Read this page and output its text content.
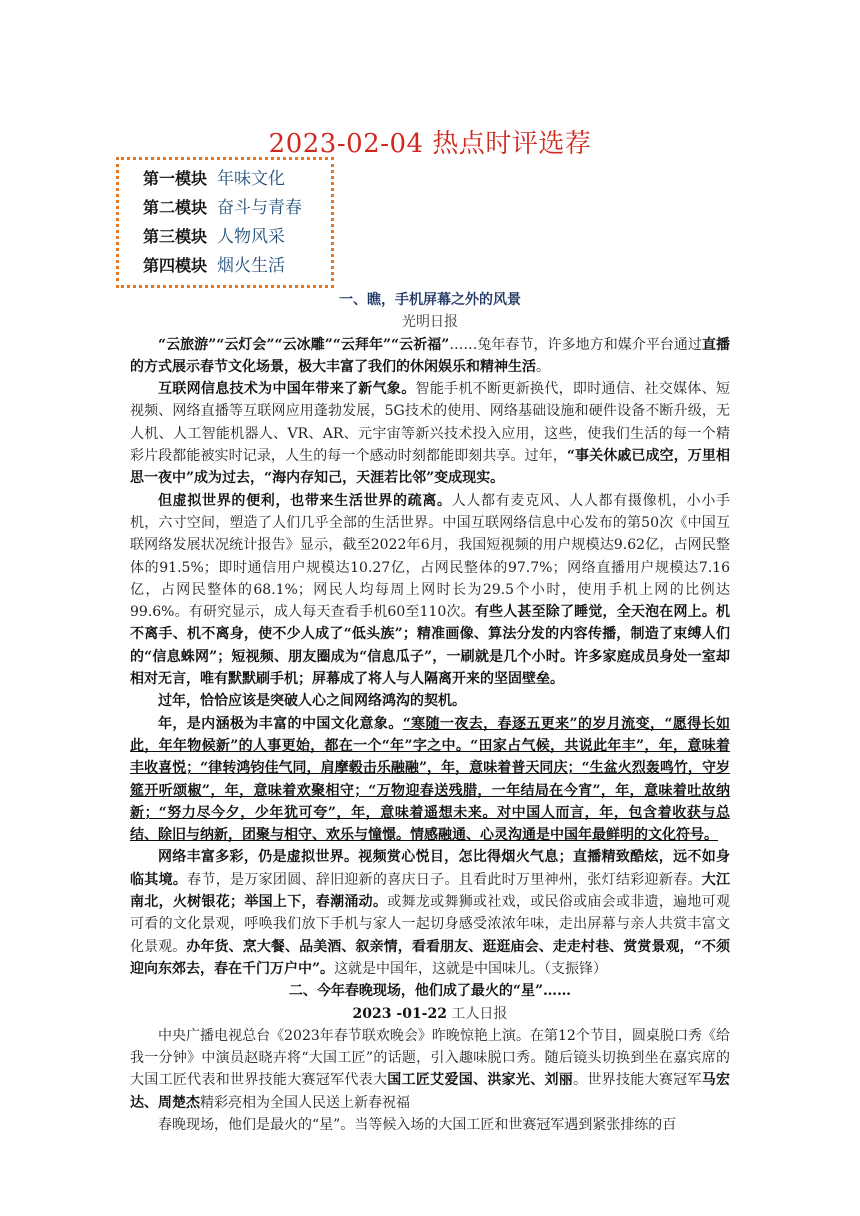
2023-02-04 热点时评选荐
第一模块 年味文化
第二模块 奋斗与青春
第三模块 人物风采
第四模块 烟火生活
一、瞧，手机屏幕之外的风景
光明日报

“云旅游”“云灯会”“云冰雕”“云拜年”“云祈福”……兔年春节，许多地方和媒介平台通过直播的方式展示春节文化场景，极大丰富了我们的休闲娱乐和精神生活。

互联网信息技术为中国年带来了新气象。智能手机不断更新换代，即时通信、社交媒体、短视频、网络直播等互联网应用蓬勃发展，5G技术的使用、网络基础设施和硬件设备不断升级，无人机、人工智能机器人、VR、AR、元宇宙等新兴技术投入应用，这些，使我们生活的每一个精彩片段都能被实时记录，人生的每一个感动时刻都能即刻共享。过年，“事关休戚已成空，万里相思一夜中”成为过去，“海内存知己，天涯若比邻”变成现实。

但虚拟世界的便利，也带来生活世界的疏离。人人都有麦克风、人人都有摄像机，小小手机，六寸空间，塑造了人们几乎全部的生活世界。中国互联网络信息中心发布的第50次《中国互联网络发展状况统计报告》显示，截至2022年6月，我国短视频的用户规模达9.62亿，占网民整体的91.5%；即时通信用户规模达10.27亿，占网民整体的97.7%；网络直播用户规模达7.16亿，占网民整体的68.1%；网民人均每周上网时长为29.5个小时，使用手机上网的比例达99.6%。有研究显示，成人每天查看手机60至110次。有些人甚至除了睡觉，全天泡在网上。机不离手、机不离身，使不少人成了“低头族”；精准画像、算法分发的内容传播，制造了束缚人们的“信息蛛网”；短视频、朋友圈成为“信息瓜子”，一刷就是几个小时。许多家庭成员身处一室却相对无言，唯有默默刷手机；屏幕成了将人与人隔离开来的坚固壁垒。

过年，恰恰应该是突破人心之间网络鸿沟的契机。

年，是内涵极为丰富的中国文化意象。“寒随一夜去，春逐五更来”的岁月流变，“愿得长如此，年年物候新”的人事更始，都在一个“年”字之中。“田家占气候，共说此年丰”，年，意味着丰收喜悦；“律转鸿钧佳气同，肩摩毂击乐融融”，年，意味着普天同庆；“生盆火烈轰鸣竹，守岁筵开听颂椒”，年，意味着欢聚相守；“万物迎春送残腊，一年结局在今宵”，年，意味着吐故纳新；“努力尽今夕，少年犹可夸”，年，意味着遥想未来。对中国人而言，年，包含着收获与总结、除旧与纳新，团聚与相守、欢乐与憧憬。情感融通、心灵沟通是中国年最鲜明的文化符号。

网络丰富多彩，仍是虚拟世界。视频赏心悦目，怎比得烟火气息；直播精致酷炫，远不如身临其境。春节，是万家团圆、辞旧迎新的喜庆日子。且看此时万里神州，张灯结彩迎新春。大江南北，火树银花；举国上下，春潮涌动。或舞龙或舞狮或社戏，或民俗或庙会或非遗，遍地可观可看的文化景观，呼唤我们放下手机与家人一起切身感受浓浓年味，走出屏幕与亲人共赏丰富文化景观。办年货、烹大餐、品美酒、叙亲情，看看朋友、逛逛庙会、走走村巷、赏赏景观，“不须迎向东郊去，春在千门万户中”。这就是中国年，这就是中国味儿。（支振锋）

二、今年春晚现场，他们成了最火的“星”……
2023 -01-22 工人日报

中央广播电视总台《2023年春节联欢晚会》昨晚惊艳上演。在第12个节目，圆桌脱口秀《给我一分钟》中演员赵晓卉将“大国工匠”的话题，引入趣味脱口秀。随后镜头切换到坐在嘉宾席的大国工匠代表和世界技能大赛冠军代表大国工匠艾爱国、洪家光、刘丽。世界技能大赛冠军马宏达、周楚杰精彩亮相为全国人民送上新春祝福

春晚现场，他们是最火的“星”。当等候入场的大国工匠和世赛冠军遇到紧张排练的百
